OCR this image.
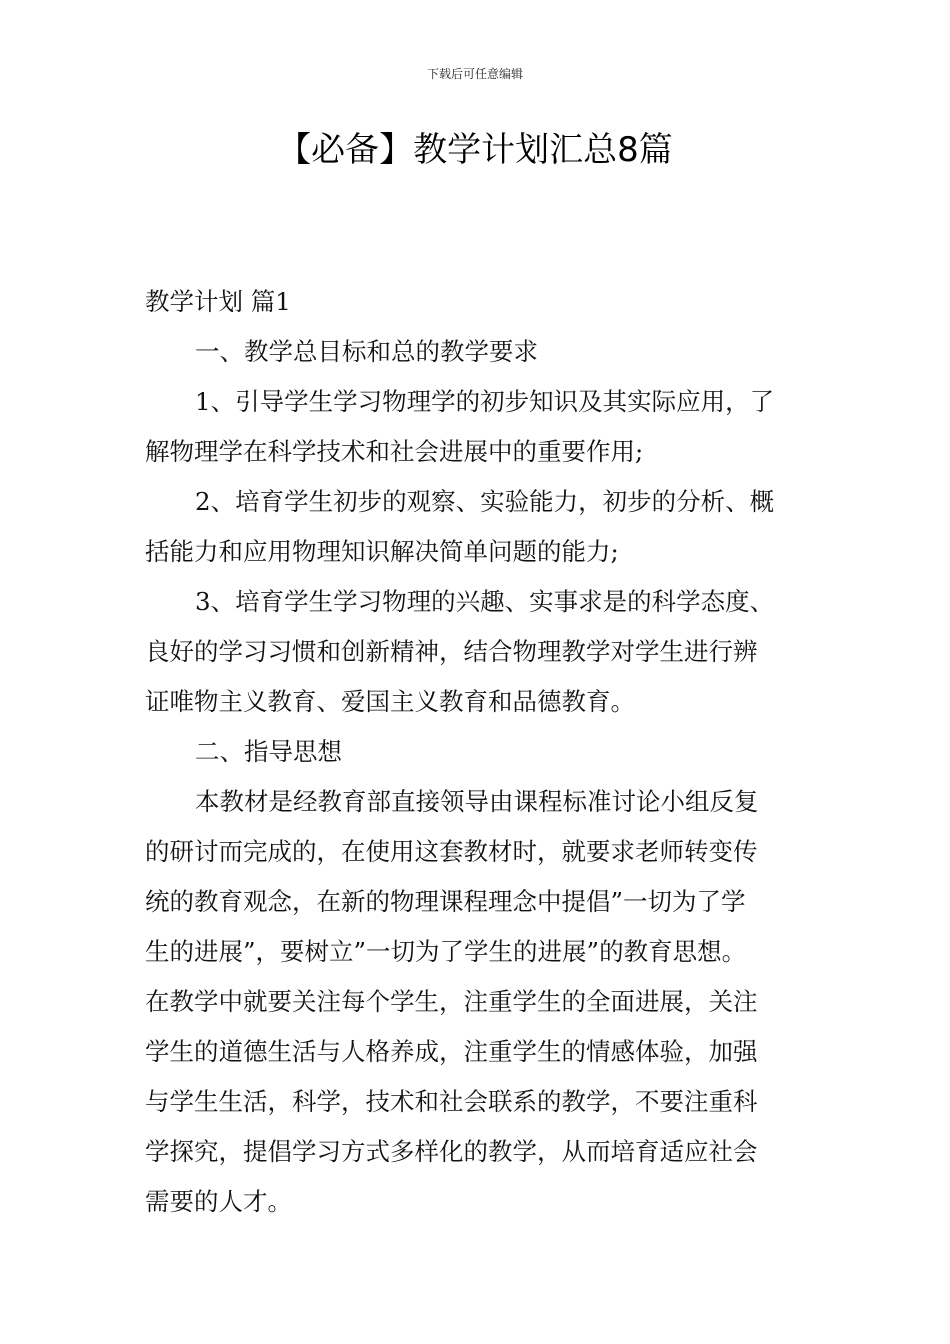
下载后可任意编辑
【必备】教学计划汇总8篇

教学计划 篇1

一、教学总目标和总的教学要求

1、引导学生学习物理学的初步知识及其实际应用，了

解物理学在科学技术和社会进展中的重要作用;

2、培育学生初步的观察、实验能力，初步的分析、概

括能力和应用物理知识解决简单问题的能力;

3、培育学生学习物理的兴趣、实事求是的科学态度、

良好的学习习惯和创新精神，结合物理教学对学生进行辨

证唯物主义教育、爱国主义教育和品德教育。

二、指导思想

本教材是经教育部直接领导由课程标准讨论小组反复

的研讨而完成的，在使用这套教材时，就要求老师转变传

统的教育观念，在新的物理课程理念中提倡”一切为了学

生的进展”，要树立”一切为了学生的进展”的教育思想。

在教学中就要关注每个学生，注重学生的全面进展，关注

学生的道德生活与人格养成，注重学生的情感体验，加强

与学生生活，科学，技术和社会联系的教学，不要注重科

学探究，提倡学习方式多样化的教学，从而培育适应社会

需要的人才。
